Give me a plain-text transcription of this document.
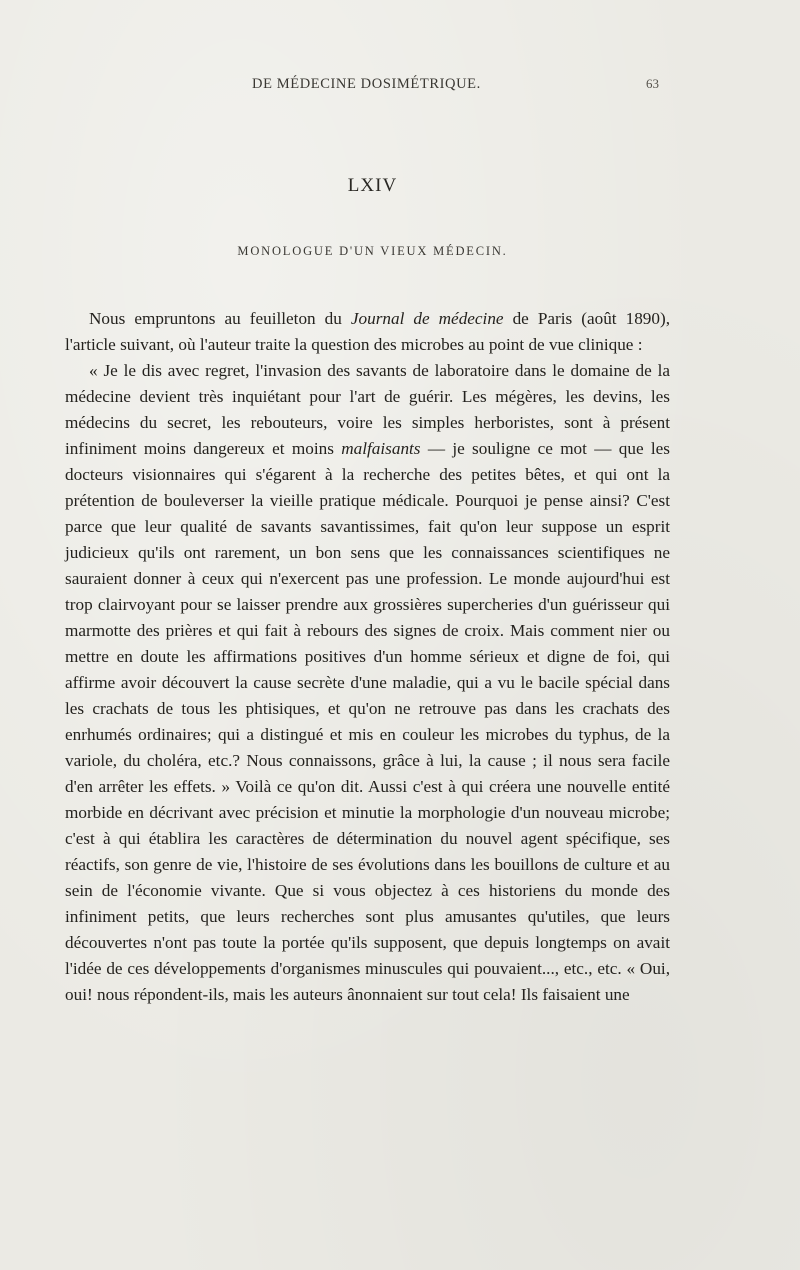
DE MÉDECINE DOSIMÉTRIQUE.	63
LXIV
MONOLOGUE D'UN VIEUX MÉDECIN.

Nous empruntons au feuilleton du Journal de médecine de Paris (août 1890), l'article suivant, où l'auteur traite la question des microbes au point de vue clinique :

« Je le dis avec regret, l'invasion des savants de laboratoire dans le domaine de la médecine devient très inquiétant pour l'art de guérir. Les mégères, les devins, les médecins du secret, les rebouteurs, voire les simples herboristes, sont à présent infiniment moins dangereux et moins malfaisants — je souligne ce mot — que les docteurs visionnaires qui s'égarent à la recherche des petites bêtes, et qui ont la prétention de bouleverser la vieille pratique médicale. Pourquoi je pense ainsi? C'est parce que leur qualité de savants savantissimes, fait qu'on leur suppose un esprit judicieux qu'ils ont rarement, un bon sens que les connaissances scientifiques ne sauraient donner à ceux qui n'exercent pas une profession. Le monde aujourd'hui est trop clairvoyant pour se laisser prendre aux grossières supercheries d'un guérisseur qui marmotte des prières et qui fait à rebours des signes de croix. Mais comment nier ou mettre en doute les affirmations positives d'un homme sérieux et digne de foi, qui affirme avoir découvert la cause secrète d'une maladie, qui a vu le bacile spécial dans les crachats de tous les phtisiques, et qu'on ne retrouve pas dans les crachats des enrhumés ordinaires; qui a distingué et mis en couleur les microbes du typhus, de la variole, du choléra, etc.? Nous connaissons, grâce à lui, la cause ; il nous sera facile d'en arrêter les effets. » Voilà ce qu'on dit. Aussi c'est à qui créera une nouvelle entité morbide en décrivant avec précision et minutie la morphologie d'un nouveau microbe; c'est à qui établira les caractères de détermination du nouvel agent spécifique, ses réactifs, son genre de vie, l'histoire de ses évolutions dans les bouillons de culture et au sein de l'économie vivante. Que si vous objectez à ces historiens du monde des infiniment petits, que leurs recherches sont plus amusantes qu'utiles, que leurs découvertes n'ont pas toute la portée qu'ils supposent, que depuis longtemps on avait l'idée de ces développements d'organismes minuscules qui pouvaient..., etc., etc. « Oui, oui! nous répondent-ils, mais les auteurs ânonnaient sur tout cela! Ils faisaient une
